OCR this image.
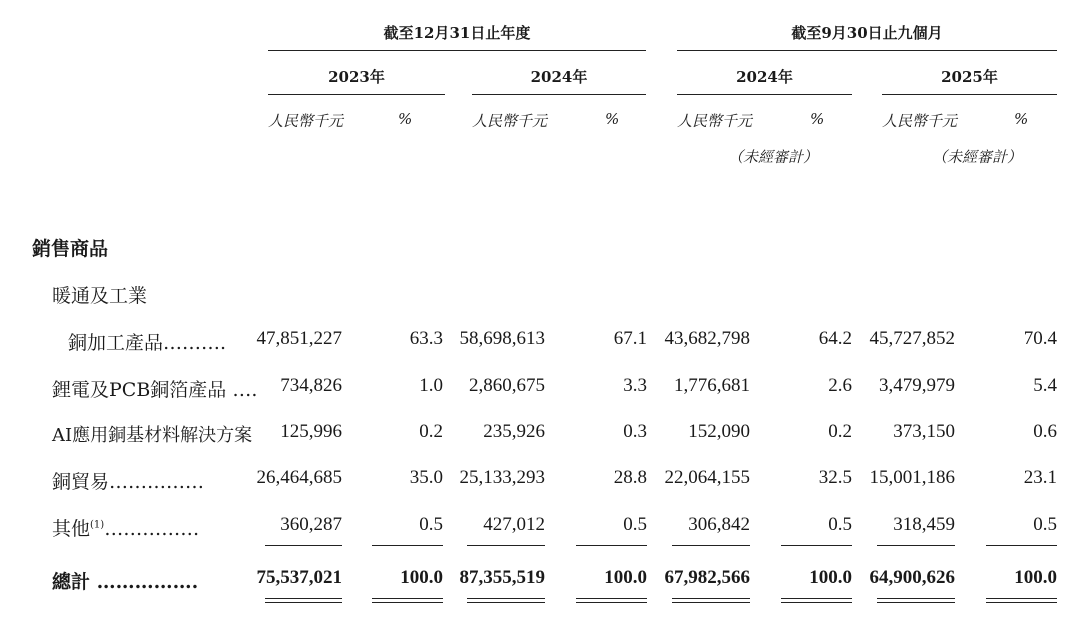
截至12月31日止年度	截至9月30日止九個月
2023年	2024年	2024年	2025年
人民幣千元	%	人民幣千元	%	人民幣千元	%
（未經審計）
人民幣千元	%
（未經審計）
銷售商品
暖通及工業
銅加工產品……….	47,851,227	63.3 58,698,613	67.1 43,682,798	64.2 45,727,852	70.4
鋰電及PCB銅箔產品 ….	734,826	1.0	2,860,675	3.3	1,776,681	2.6	3,479,979	5.4
AI應用銅基材料解決方案	125,996	0.2	235,926	0.3	152,090	0.2	373,150	0.6
銅貿易……………	26,464,685	35.0 25,133,293	28.8 22,064,155	32.5 15,001,186	23.1
其他$^{(1)}$……………	360,287	0.5	427,012	0.5	306,842	0.5	318,459	0.5
總計 …………….	75,537,021	100.0 87,355,519	100.0 67,982,566	100.0 64,900,626	100.0
